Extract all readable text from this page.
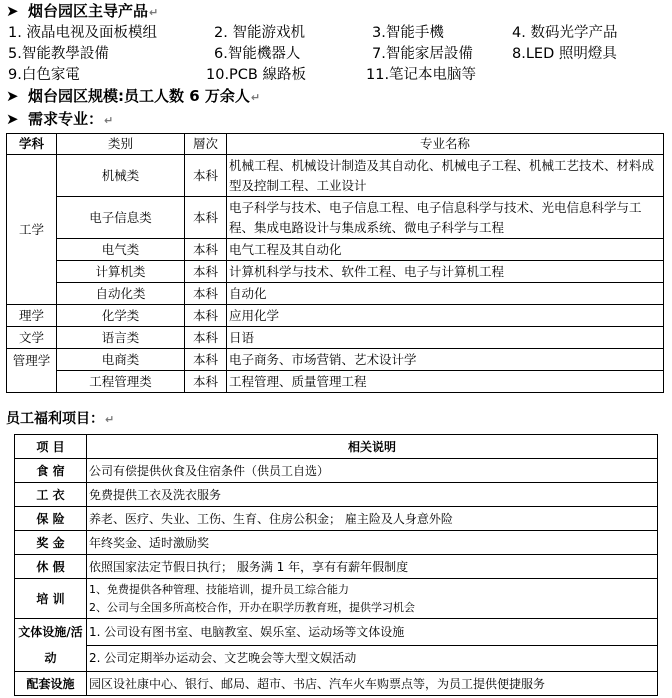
➤ 烟台园区主导产品↵
1. 液晶电视及面板模组	2. 智能游戏机	3.智能手機	4. 数码光学产品
5.智能教學設備	6.智能機器人	7.智能家居設備	8.LED 照明燈具
9.白色家電	10.PCB 線路板	11.笔记本电脑等
➤ 烟台园区规模:员工人数 6 万余人↵
➤ 需求专业：↵
学科	类别	層次	专业名称
工学	机械类	本科	机械工程、机械设计制造及其自动化、机械电子工程、机械工艺技术、材料成型及控制工程、工业设计
	电子信息类	本科	电子科学与技术、电子信息工程、电子信息科学与技术、光电信息科学与工程、集成电路设计与集成系统、微电子科学与工程
	电气类	本科	电气工程及其自动化
	计算机类	本科	计算机科学与技术、软件工程、电子与计算机工程
	自动化类	本科	自动化
理学	化学类	本科	应用化学
文学	语言类	本科	日语
管理学	电商类	本科	电子商务、市场营销、艺术设计学
	工程管理类	本科	工程管理、质量管理工程
员工福利项目：↵
项 目	相关说明
食 宿	公司有偿提供伙食及住宿条件（供员工自选）
工 衣	免费提供工衣及洗衣服务
保 险	养老、医疗、失业、工伤、生育、住房公积金； 雇主险及人身意外险
奖 金	年终奖金、适时激励奖
休 假	依照国家法定节假日执行； 服务满 1 年，享有有薪年假制度
培 训	1、免费提供各种管理、技能培训，提升员工综合能力
2、公司与全国多所高校合作，开办在职学历教育班，提供学习机会

文体设施/活动	1. 公司设有图书室、电脑教室、娱乐室、运动场等文体设施
	2. 公司定期举办运动会、文艺晚会等大型文娱活动
配套设施	园区设社康中心、银行、邮局、超市、书店、汽车火车购票点等，为员工提供便捷服务
